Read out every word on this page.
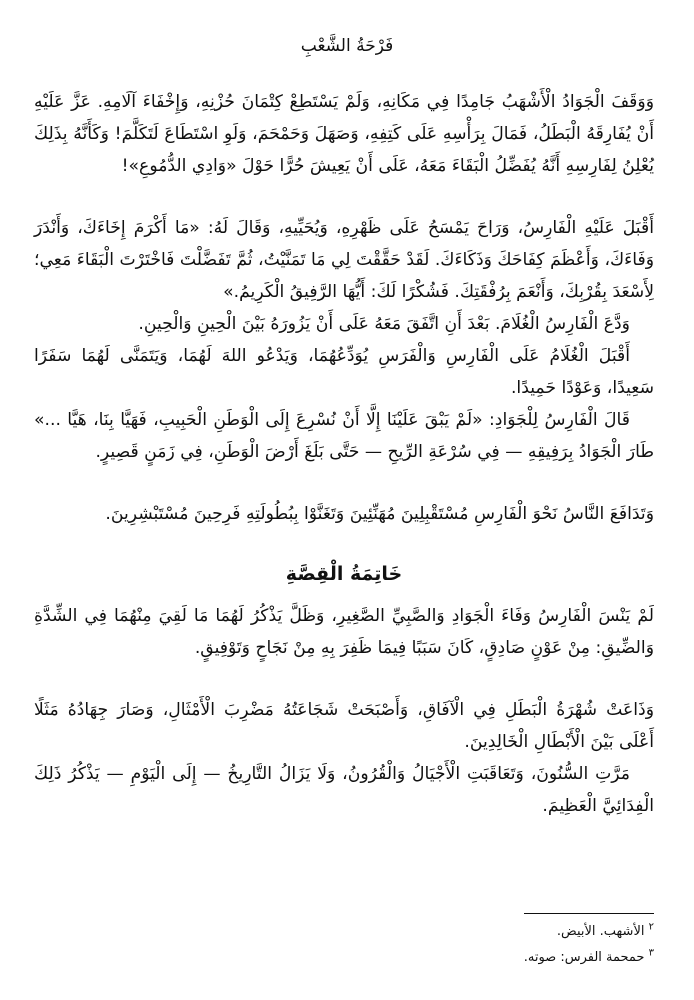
فَرْحَةُ الشَّعْبِ

وَوَقَفَ الْجَوَادُ الْأَشْهَبُ جَامِدًا فِي مَكَانِهِ، وَلَمْ يَسْتَطِعْ كِتْمَانَ حُزْنِهِ، وَإِخْفَاءَ آلَامِهِ. عَزَّ عَلَيْهِ أَنْ يُفَارِقَهُ الْبَطَلُ، فَمَالَ بِرَأْسِهِ عَلَى كَتِفِهِ، وَصَهَلَ وَحَمْحَمَ، وَلَوِ اسْتَطَاعَ لَتَكَلَّمَ! وَكَأَنَّهُ بِذَلِكَ يُعْلِنُ لِفَارِسِهِ أَنَّهُ يُفَضِّلُ الْبَقَاءَ مَعَهُ، عَلَى أَنْ يَعِيشَ حُرًّا حَوْلَ «وَادِي الدُّمُوعِ»!

أَقْبَلَ عَلَيْهِ الْفَارِسُ، وَرَاحَ يَمْسَحُ عَلَى ظَهْرِهِ، وَيُحَيِّيهِ، وَقَالَ لَهُ: «مَا أَكْرَمَ إِخَاءَكَ، وَأَنْدَرَ وَفَاءَكَ، وَأَعْظَمَ كِفَاحَكَ وَذَكَاءَكَ. لَقَدْ حَقَّقْتَ لِي مَا تَمَنَّيْتُ، ثُمَّ تَفَضَّلْتَ فَاخْتَرْتَ الْبَقَاءَ مَعِي؛ لِأَسْعَدَ بِقُرْبِكَ، وَأَنْعَمَ بِرُفْقَتِكَ. فَشُكْرًا لَكَ: أَيُّهَا الرَّفِيقُ الْكَرِيمُ.»

وَدَّعَ الْفَارِسُ الْغُلَامَ. بَعْدَ أَنِ اتَّفَقَ مَعَهُ عَلَى أَنْ يَزُورَهُ بَيْنَ الْحِينِ وَالْحِينِ.

أَقْبَلَ الْغُلَامُ عَلَى الْفَارِسِ وَالْفَرَسِ يُوَدِّعُهُمَا، وَيَدْعُو اللهَ لَهُمَا، وَيَتَمَنَّى لَهُمَا سَفَرًا سَعِيدًا، وَعَوْدًا حَمِيدًا.

قَالَ الْفَارِسُ لِلْجَوَادِ: «لَمْ يَبْقَ عَلَيْنَا إِلَّا أَنْ نُسْرِعَ إِلَى الْوَطَنِ الْحَبِيبِ، فَهَيَّا بِنَا، هَيَّا ...» طَارَ الْجَوَادُ بِرَفِيقِهِ — فِي سُرْعَةِ الرِّيحِ — حَتَّى بَلَغَ أَرْضَ الْوَطَنِ، فِي زَمَنٍ قَصِيرٍ.

وَتَدَافَعَ النَّاسُ نَحْوَ الْفَارِسِ مُسْتَقْبِلِينَ مُهَنِّئِينَ وَتَغَنَّوْا بِبُطُولَتِهِ فَرِحِينَ مُسْتَبْشِرِينَ.

خَاتِمَةُ الْقِصَّةِ

لَمْ يَنْسَ الْفَارِسُ وَفَاءَ الْجَوَادِ وَالصَّبِيِّ الصَّغِيرِ، وَظَلَّ يَذْكُرُ لَهُمَا مَا لَقِيَ مِنْهُمَا فِي الشِّدَّةِ وَالضِّيقِ: مِنْ عَوْنٍ صَادِقٍ، كَانَ سَبَبًا فِيمَا ظَفِرَ بِهِ مِنْ نَجَاحٍ وَتَوْفِيقٍ.

وَذَاعَتْ شُهْرَةُ الْبَطَلِ فِي الْآفَاقِ، وَأَصْبَحَتْ شَجَاعَتُهُ مَضْرِبَ الْأَمْثَالِ، وَصَارَ جِهَادُهُ مَثَلًا أَعْلَى بَيْنَ الْأَبْطَالِ الْخَالِدِينَ.

مَرَّتِ السُّنُونَ، وَتَعَاقَبَتِ الْأَجْيَالُ وَالْقُرُونُ، وَلَا يَزَالُ التَّارِيخُ — إِلَى الْيَوْمِ — يَذْكُرُ ذَلِكَ الْفِدَائِيَّ الْعَظِيمَ.

$^٢$ الأشهب. الأبيض.

$^٣$ حمحمة الفرس: صوته.
